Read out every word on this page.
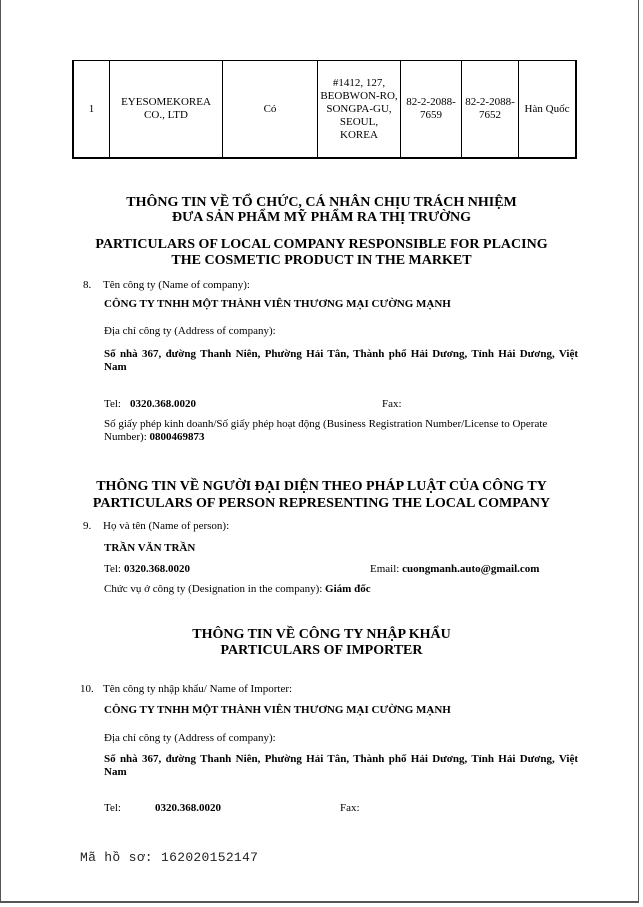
1	EYESOMEKOREA CO., LTD	Có	#1412, 127, BEOBWON-RO, SONGPA-GU, SEOUL, KOREA	82-2-2088-7659	82-2-2088-7652	Hàn Quốc
THÔNG TIN VỀ TỔ CHỨC, CÁ NHÂN CHỊU TRÁCH NHIỆM
ĐƯA SẢN PHẨM MỸ PHẨM RA THỊ TRƯỜNG
PARTICULARS OF LOCAL COMPANY RESPONSIBLE FOR PLACING
THE COSMETIC PRODUCT IN THE MARKET
8. Tên công ty (Name of company):
CÔNG TY TNHH MỘT THÀNH VIÊN THƯƠNG MẠI CƯỜNG MẠNH
Địa chỉ công ty (Address of company):
Số nhà 367, đường Thanh Niên, Phường Hải Tân, Thành phố Hải Dương, Tỉnh Hải Dương, Việt Nam
Tel: 0320.368.0020	Fax:
Số giấy phép kinh doanh/Số giấy phép hoạt động (Business Registration Number/License to Operate Number): 0800469873
THÔNG TIN VỀ NGƯỜI ĐẠI DIỆN THEO PHÁP LUẬT CỦA CÔNG TY
PARTICULARS OF PERSON REPRESENTING THE LOCAL COMPANY
9. Họ và tên (Name of person):
TRẦN VĂN TRẦN
Tel: 0320.368.0020	Email: cuongmanh.auto@gmail.com
Chức vụ ở công ty (Designation in the company): Giám đốc
THÔNG TIN VỀ CÔNG TY NHẬP KHẨU
PARTICULARS OF IMPORTER
10. Tên công ty nhập khẩu/ Name of Importer:
CÔNG TY TNHH MỘT THÀNH VIÊN THƯƠNG MẠI CƯỜNG MẠNH
Địa chỉ công ty (Address of company):
Số nhà 367, đường Thanh Niên, Phường Hải Tân, Thành phố Hải Dương, Tỉnh Hải Dương, Việt Nam
Tel:	0320.368.0020	Fax:
Mã hồ sơ: 162020152147
